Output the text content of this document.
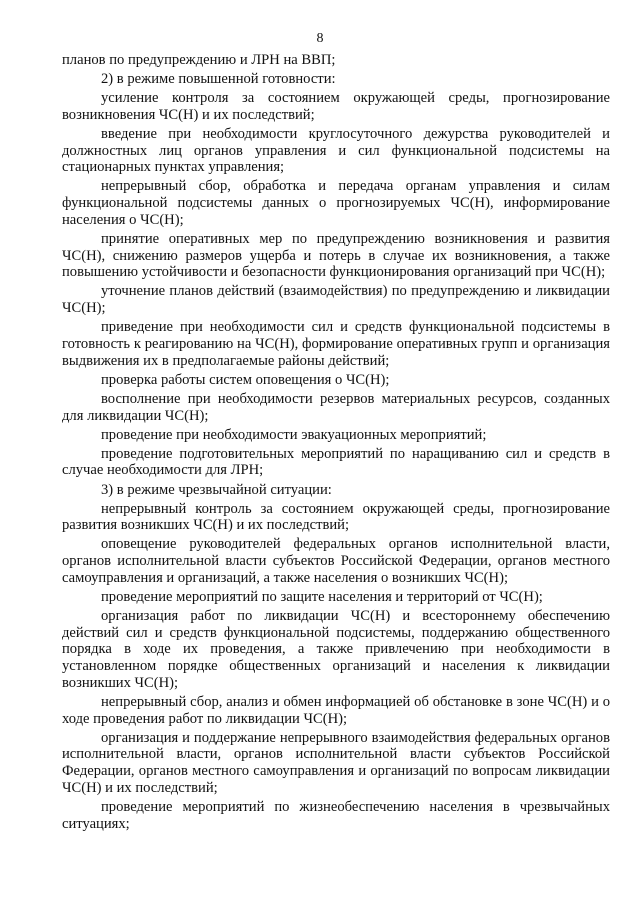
8

планов по предупреждению и ЛРН на ВВП;

2) в режиме повышенной готовности:

усиление контроля за состоянием окружающей среды, прогнозирование возникновения ЧС(Н) и их последствий;

введение при необходимости круглосуточного дежурства руководителей и должностных лиц органов управления и сил функциональной подсистемы на стационарных пунктах управления;

непрерывный сбор, обработка и передача органам управления и силам функциональной подсистемы данных о прогнозируемых ЧС(Н), информирование населения о ЧС(Н);

принятие оперативных мер по предупреждению возникновения и развития ЧС(Н), снижению размеров ущерба и потерь в случае их возникновения, а также повышению устойчивости и безопасности функционирования организаций при ЧС(Н);

уточнение планов действий (взаимодействия) по предупреждению и ликвидации ЧС(Н);

приведение при необходимости сил и средств функциональной подсистемы в готовность к реагированию на ЧС(Н), формирование оперативных групп и организация выдвижения их в предполагаемые районы действий;

проверка работы систем оповещения о ЧС(Н);

восполнение при необходимости резервов материальных ресурсов, созданных для ликвидации ЧС(Н);

проведение при необходимости эвакуационных мероприятий;

проведение подготовительных мероприятий по наращиванию сил и средств в случае необходимости для ЛРН;

3) в режиме чрезвычайной ситуации:

непрерывный контроль за состоянием окружающей среды, прогнозирование развития возникших ЧС(Н) и их последствий;

оповещение руководителей федеральных органов исполнительной власти, органов исполнительной власти субъектов Российской Федерации, органов местного самоуправления и организаций, а также населения о возникших ЧС(Н);

проведение мероприятий по защите населения и территорий от ЧС(Н);

организация работ по ликвидации ЧС(Н) и всестороннему обеспечению действий сил и средств функциональной подсистемы, поддержанию общественного порядка в ходе их проведения, а также привлечению при необходимости в установленном порядке общественных организаций и населения к ликвидации возникших ЧС(Н);

непрерывный сбор, анализ и обмен информацией об обстановке в зоне ЧС(Н) и о ходе проведения работ по ликвидации ЧС(Н);

организация и поддержание непрерывного взаимодействия федеральных органов исполнительной власти, органов исполнительной власти субъектов Российской Федерации, органов местного самоуправления и организаций по вопросам ликвидации ЧС(Н) и их последствий;

проведение мероприятий по жизнеобеспечению населения в чрезвычайных ситуациях;
